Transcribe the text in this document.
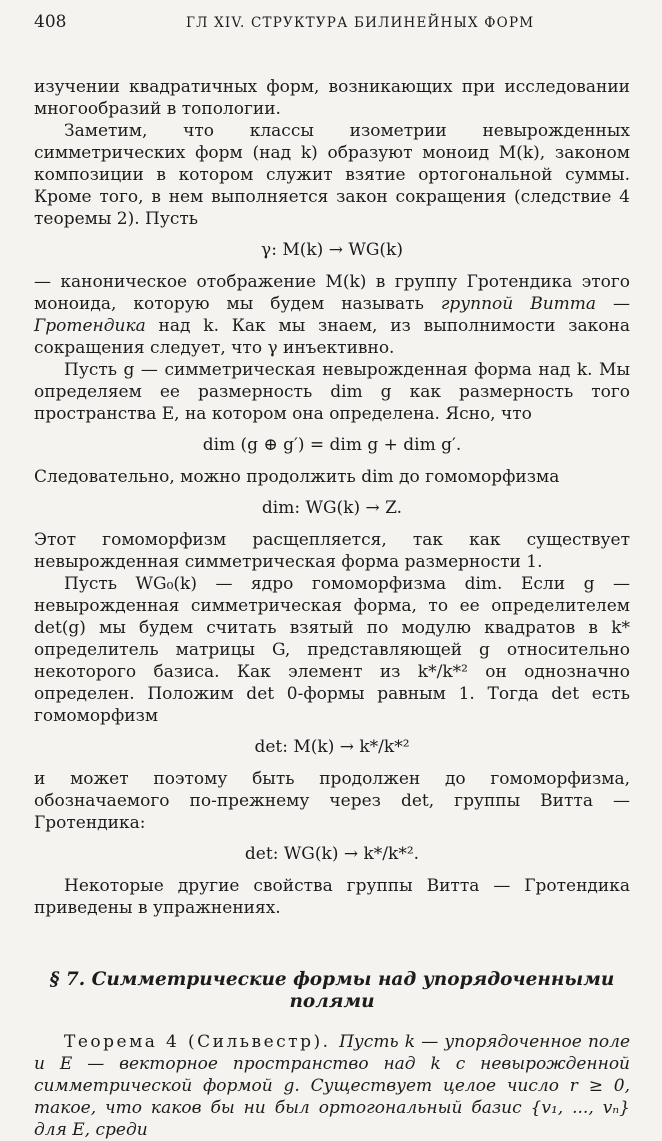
408	ГЛ XIV. СТРУКТУРА БИЛИНЕЙНЫХ ФОРМ

изучении квадратичных форм, возникающих при исследовании многообразий в топологии.

Заметим, что классы изометрии невырожденных симметрических форм (над k) образуют моноид M(k), законом композиции в котором служит взятие ортогональной суммы. Кроме того, в нем выполняется закон сокращения (следствие 4 теоремы 2). Пусть

γ: M(k) → WG(k)

— каноническое отображение M(k) в группу Гротендика этого моноида, которую мы будем называть группой Витта — Гротендика над k. Как мы знаем, из выполнимости закона сокращения следует, что γ инъективно.

Пусть g — симметрическая невырожденная форма над k. Мы определяем ее размерность dim g как размерность того пространства E, на котором она определена. Ясно, что

dim (g ⊕ g′) = dim g + dim g′.

Следовательно, можно продолжить dim до гомоморфизма

dim: WG(k) → Z.

Этот гомоморфизм расщепляется, так как существует невырожденная симметрическая форма размерности 1.

Пусть WG₀(k) — ядро гомоморфизма dim. Если g — невырожденная симметрическая форма, то ее определителем det(g) мы будем считать взятый по модулю квадратов в k* определитель матрицы G, представляющей g относительно некоторого базиса. Как элемент из k*/k*² он однозначно определен. Положим det 0-формы равным 1. Тогда det есть гомоморфизм

det: M(k) → k*/k*²

и может поэтому быть продолжен до гомоморфизма, обозначаемого по-прежнему через det, группы Витта — Гротендика:

det: WG(k) → k*/k*².

Некоторые другие свойства группы Витта — Гротендика приведены в упражнениях.

§ 7. Симметрические формы над упорядоченными полями

Теорема 4 (Сильвестр). Пусть k — упорядоченное поле и E — векторное пространство над k с невырожденной симметрической формой g. Существует целое число r ≥ 0, такое, что каков бы ни был ортогональный базис {v₁, ..., vₙ} для E, среди
